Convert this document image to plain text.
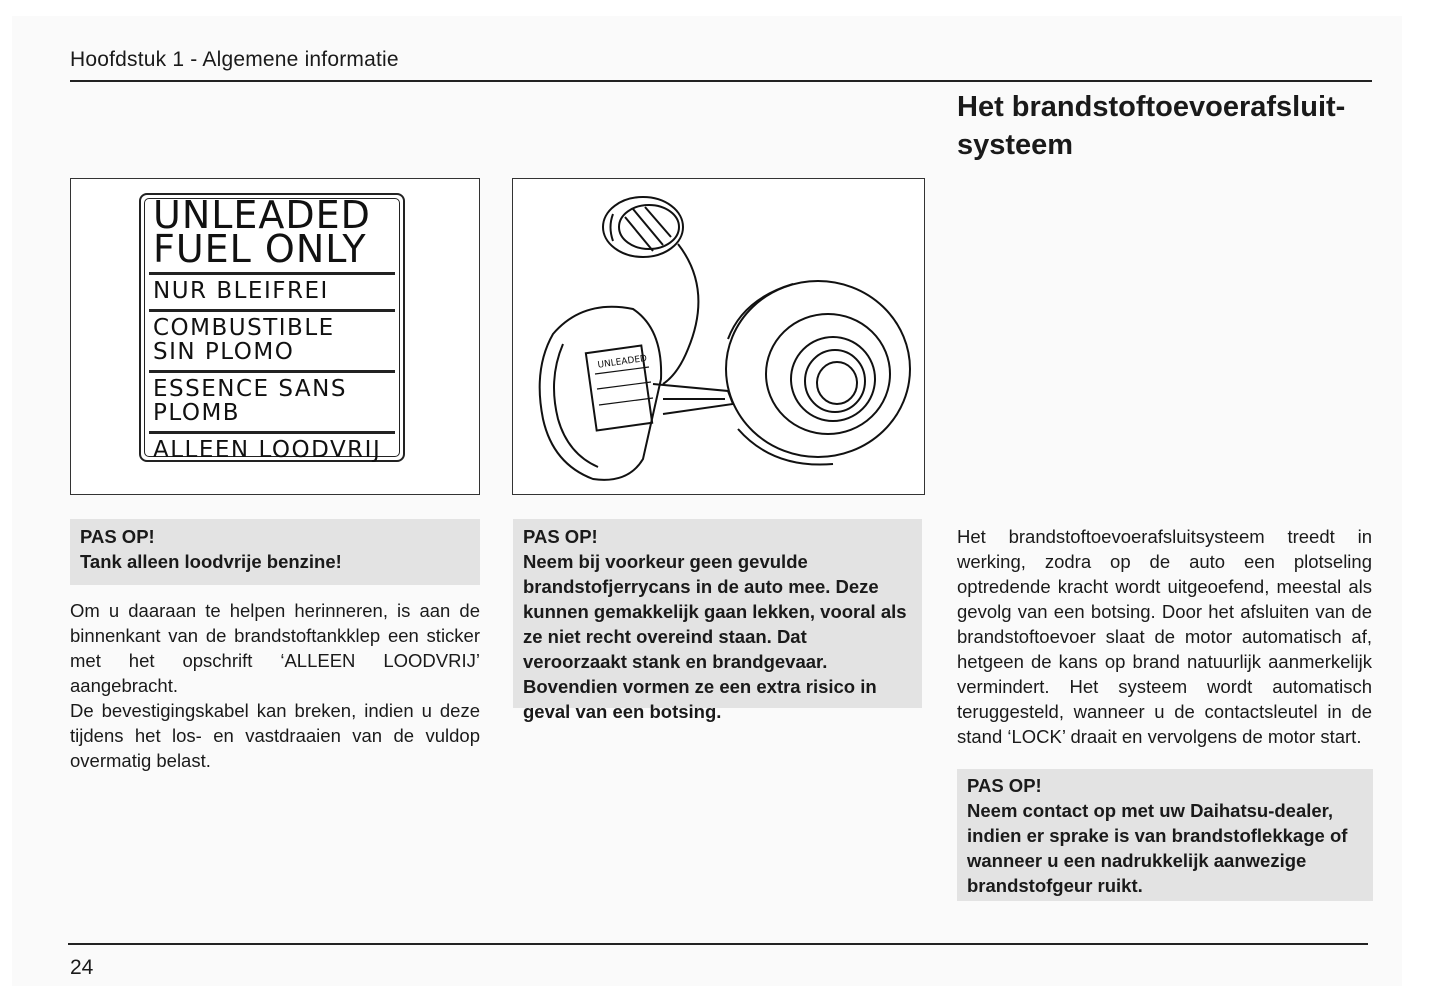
Hoofdstuk 1 - Algemene informatie
Het brandstoftoevoerafsluit-systeem
UNLEADED
FUEL ONLY
NUR BLEIFREI
COMBUSTIBLE
SIN PLOMO
ESSENCE SANS
PLOMB
ALLEEN LOODVRIJ
UNLEADED
PAS OP!
Tank alleen loodvrije benzine!
Om u daaraan te helpen herinneren, is aan de binnenkant van de brandstoftankklep een sticker met het opschrift ‘ALLEEN LOODVRIJ’ aangebracht.
De bevestigingskabel kan breken, indien u deze tijdens het los- en vastdraaien van de vuldop overmatig belast.
PAS OP!
Neem bij voorkeur geen gevulde brandstofjerrycans in de auto mee. Deze kunnen gemakkelijk gaan lekken, vooral als ze niet recht overeind staan. Dat veroorzaakt stank en brandgevaar. Bovendien vormen ze een extra risico in geval van een botsing.
Het brandstoftoevoerafsluitsysteem treedt in werking, zodra op de auto een plotseling optredende kracht wordt uitgeoefend, meestal als gevolg van een botsing. Door het afsluiten van de brandstoftoevoer slaat de motor automatisch af, hetgeen de kans op brand natuurlijk aanmerkelijk vermindert. Het systeem wordt automatisch teruggesteld, wanneer u de contactsleutel in de stand ‘LOCK’ draait en vervolgens de motor start.
PAS OP!
Neem contact op met uw Daihatsu-dealer, indien er sprake is van brandstoflekkage of wanneer u een nadrukkelijk aanwezige brandstofgeur ruikt.
24
